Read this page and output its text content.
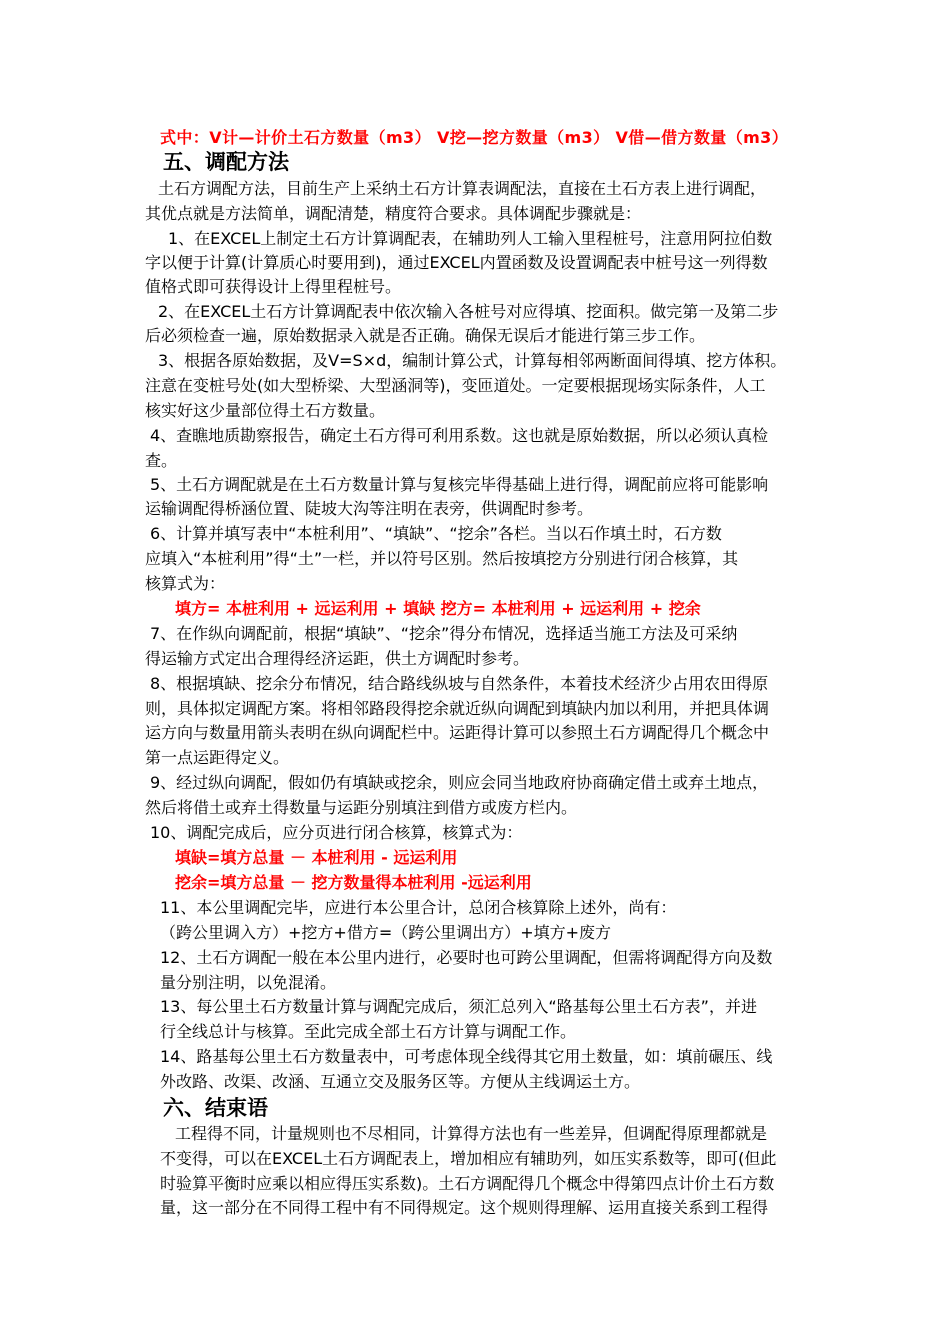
式中：V计—计价土石方数量（m3） V挖—挖方数量（m3） V借—借方数量（m3）
五、调配方法
土石方调配方法，目前生产上采纳土石方计算表调配法，直接在土石方表上进行调配，
其优点就是方法简单，调配清楚，精度符合要求。具体调配步骤就是：
1、在EXCEL上制定土石方计算调配表，在辅助列人工输入里程桩号，注意用阿拉伯数
字以便于计算(计算质心时要用到)，通过EXCEL内置函数及设置调配表中桩号这一列得数
值格式即可获得设计上得里程桩号。
2、在EXCEL土石方计算调配表中依次输入各桩号对应得填、挖面积。做完第一及第二步
后必须检查一遍，原始数据录入就是否正确。确保无误后才能进行第三步工作。
3、根据各原始数据，及V=S×d，编制计算公式，计算每相邻两断面间得填、挖方体积。
注意在变桩号处(如大型桥梁、大型涵洞等)，变匝道处。一定要根据现场实际条件，人工
核实好这少量部位得土石方数量。
4、查瞧地质勘察报告，确定土石方得可利用系数。这也就是原始数据，所以必须认真检
查。
5、土石方调配就是在土石方数量计算与复核完毕得基础上进行得，调配前应将可能影响
运输调配得桥涵位置、陡坡大沟等注明在表旁，供调配时参考。
6、计算并填写表中“本桩利用”、“填缺”、“挖余”各栏。当以石作填土时，石方数
应填入“本桩利用”得“土”一栏，并以符号区别。然后按填挖方分别进行闭合核算，其
核算式为：
填方= 本桩利用 + 远运利用 + 填缺 挖方= 本桩利用 + 远运利用 + 挖余
7、在作纵向调配前，根据“填缺”、“挖余”得分布情况，选择适当施工方法及可采纳
得运输方式定出合理得经济运距，供土方调配时参考。
8、根据填缺、挖余分布情况，结合路线纵坡与自然条件，本着技术经济少占用农田得原
则，具体拟定调配方案。将相邻路段得挖余就近纵向调配到填缺内加以利用，并把具体调
运方向与数量用箭头表明在纵向调配栏中。运距得计算可以参照土石方调配得几个概念中
第一点运距得定义。
9、经过纵向调配，假如仍有填缺或挖余，则应会同当地政府协商确定借土或弃土地点，
然后将借土或弃土得数量与运距分别填注到借方或废方栏内。
10、调配完成后，应分页进行闭合核算，核算式为：
填缺=填方总量 － 本桩利用 - 远运利用
挖余=填方总量 － 挖方数量得本桩利用 -远运利用
11、本公里调配完毕，应进行本公里合计，总闭合核算除上述外，尚有：
（跨公里调入方）+挖方+借方=（跨公里调出方）+填方+废方
12、土石方调配一般在本公里内进行，必要时也可跨公里调配，但需将调配得方向及数
量分别注明，以免混淆。
13、每公里土石方数量计算与调配完成后，须汇总列入“路基每公里土石方表”，并进
行全线总计与核算。至此完成全部土石方计算与调配工作。
14、路基每公里土石方数量表中，可考虑体现全线得其它用土数量，如：填前碾压、线
外改路、改渠、改涵、互通立交及服务区等。方便从主线调运土方。
六、结束语
工程得不同，计量规则也不尽相同，计算得方法也有一些差异，但调配得原理都就是
不变得，可以在EXCEL土石方调配表上，增加相应有辅助列，如压实系数等，即可(但此
时验算平衡时应乘以相应得压实系数)。土石方调配得几个概念中得第四点计价土石方数
量，这一部分在不同得工程中有不同得规定。这个规则得理解、运用直接关系到工程得
